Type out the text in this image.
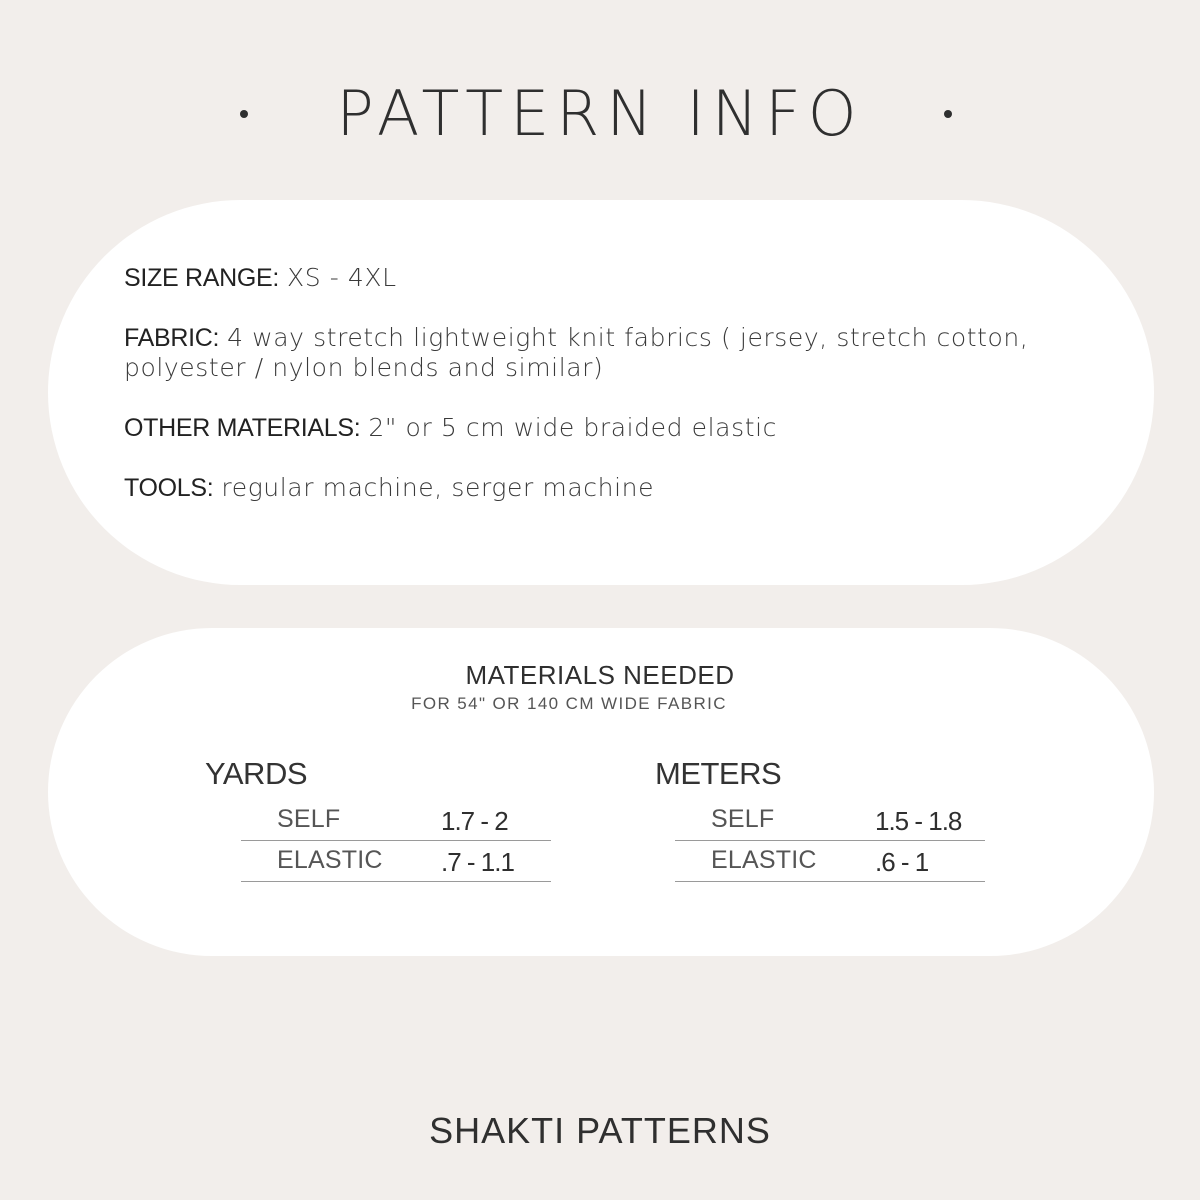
PATTERN INFO
SIZE RANGE: XS - 4XL
FABRIC: 4 way stretch lightweight knit fabrics ( jersey, stretch cotton, polyester / nylon blends and similar)
OTHER MATERIALS: 2" or 5 cm wide braided elastic
TOOLS: regular machine, serger machine
MATERIALS NEEDED
FOR 54" OR 140 CM WIDE FABRIC
YARDS
SELF	1.7 - 2
ELASTIC .7 - 1.1
METERS
SELF	1.5 - 1.8
ELASTIC .6 - 1
SHAKTI PATTERNS
